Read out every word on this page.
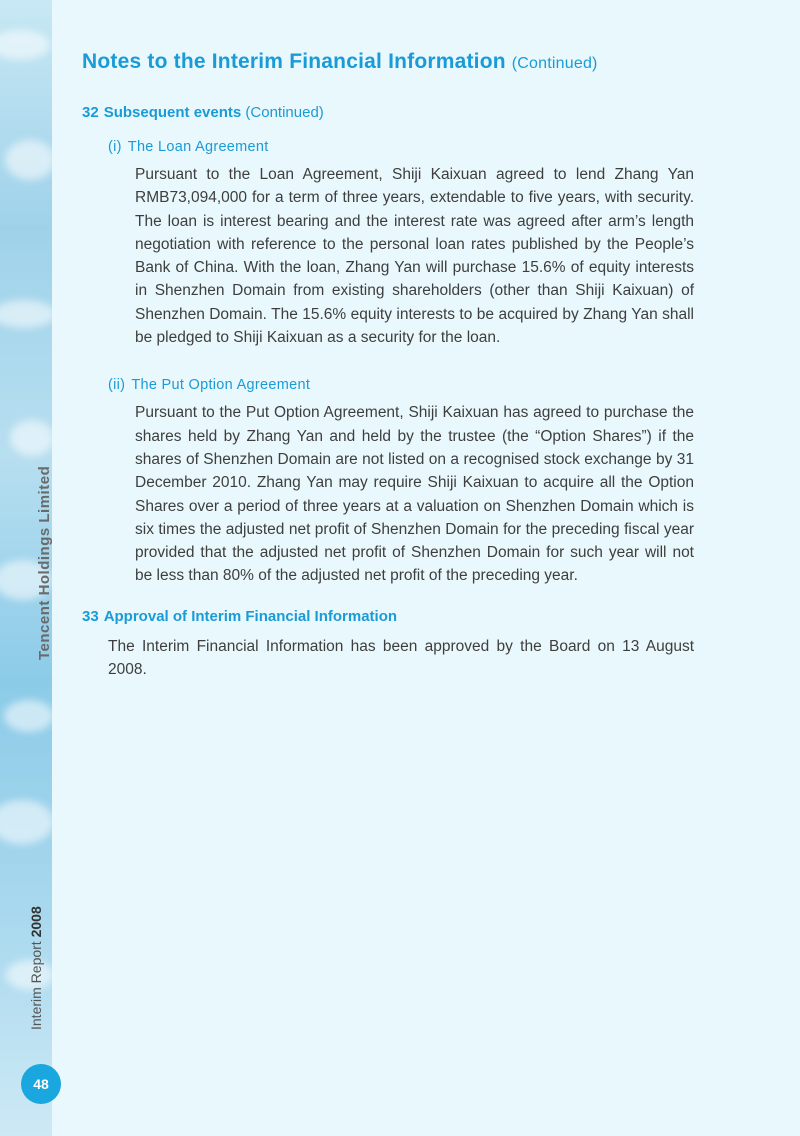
Tencent Holdings Limited
Interim Report 2008
48
Notes to the Interim Financial Information (Continued)
32 Subsequent events (Continued)
(i) The Loan Agreement

Pursuant to the Loan Agreement, Shiji Kaixuan agreed to lend Zhang Yan RMB73,094,000 for a term of three years, extendable to five years, with security. The loan is interest bearing and the interest rate was agreed after arm’s length negotiation with reference to the personal loan rates published by the People’s Bank of China. With the loan, Zhang Yan will purchase 15.6% of equity interests in Shenzhen Domain from existing shareholders (other than Shiji Kaixuan) of Shenzhen Domain. The 15.6% equity interests to be acquired by Zhang Yan shall be pledged to Shiji Kaixuan as a security for the loan.

(ii) The Put Option Agreement

Pursuant to the Put Option Agreement, Shiji Kaixuan has agreed to purchase the shares held by Zhang Yan and held by the trustee (the “Option Shares”) if the shares of Shenzhen Domain are not listed on a recognised stock exchange by 31 December 2010. Zhang Yan may require Shiji Kaixuan to acquire all the Option Shares over a period of three years at a valuation on Shenzhen Domain which is six times the adjusted net profit of Shenzhen Domain for the preceding fiscal year provided that the adjusted net profit of Shenzhen Domain for such year will not be less than 80% of the adjusted net profit of the preceding year.

33 Approval of Interim Financial Information

The Interim Financial Information has been approved by the Board on 13 August 2008.
